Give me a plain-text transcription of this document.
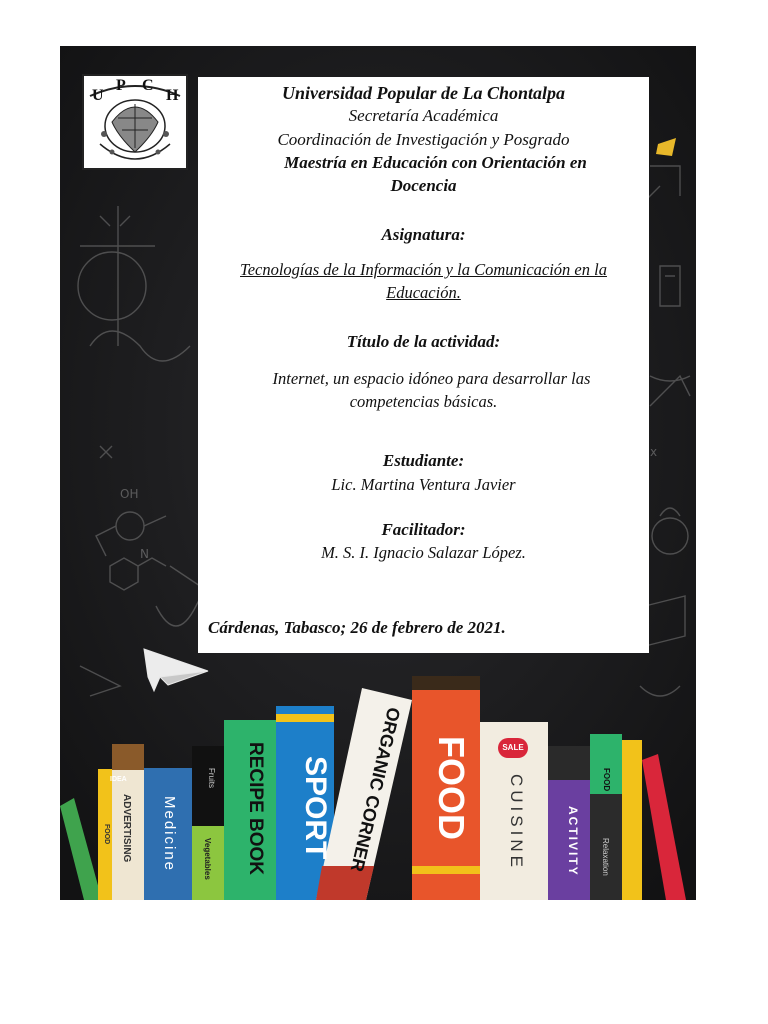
OH
N
x
IDEA
ADVERTISING
FOOD	Medicine
Fruits
Vegetables RECIPE BOOK SPORT ORGANIC CORNER FOOD	SALE
CUISINE	ACTIVITY
FOOD
Relaxation
U
P C
H	Universidad Popular de La Chontalpa
Secretaría Académica
Coordinación de Investigación y Posgrado
Maestría en Educación con Orientación en
Docencia
Asignatura:
Tecnologías de la Información y la Comunicación en la
Educación.
Título de la actividad:
Internet, un espacio idóneo para desarrollar las
competencias básicas.
Estudiante:
Lic. Martina Ventura Javier
Facilitador:
M. S. I. Ignacio Salazar López.
Cárdenas, Tabasco; 26 de febrero de 2021.
